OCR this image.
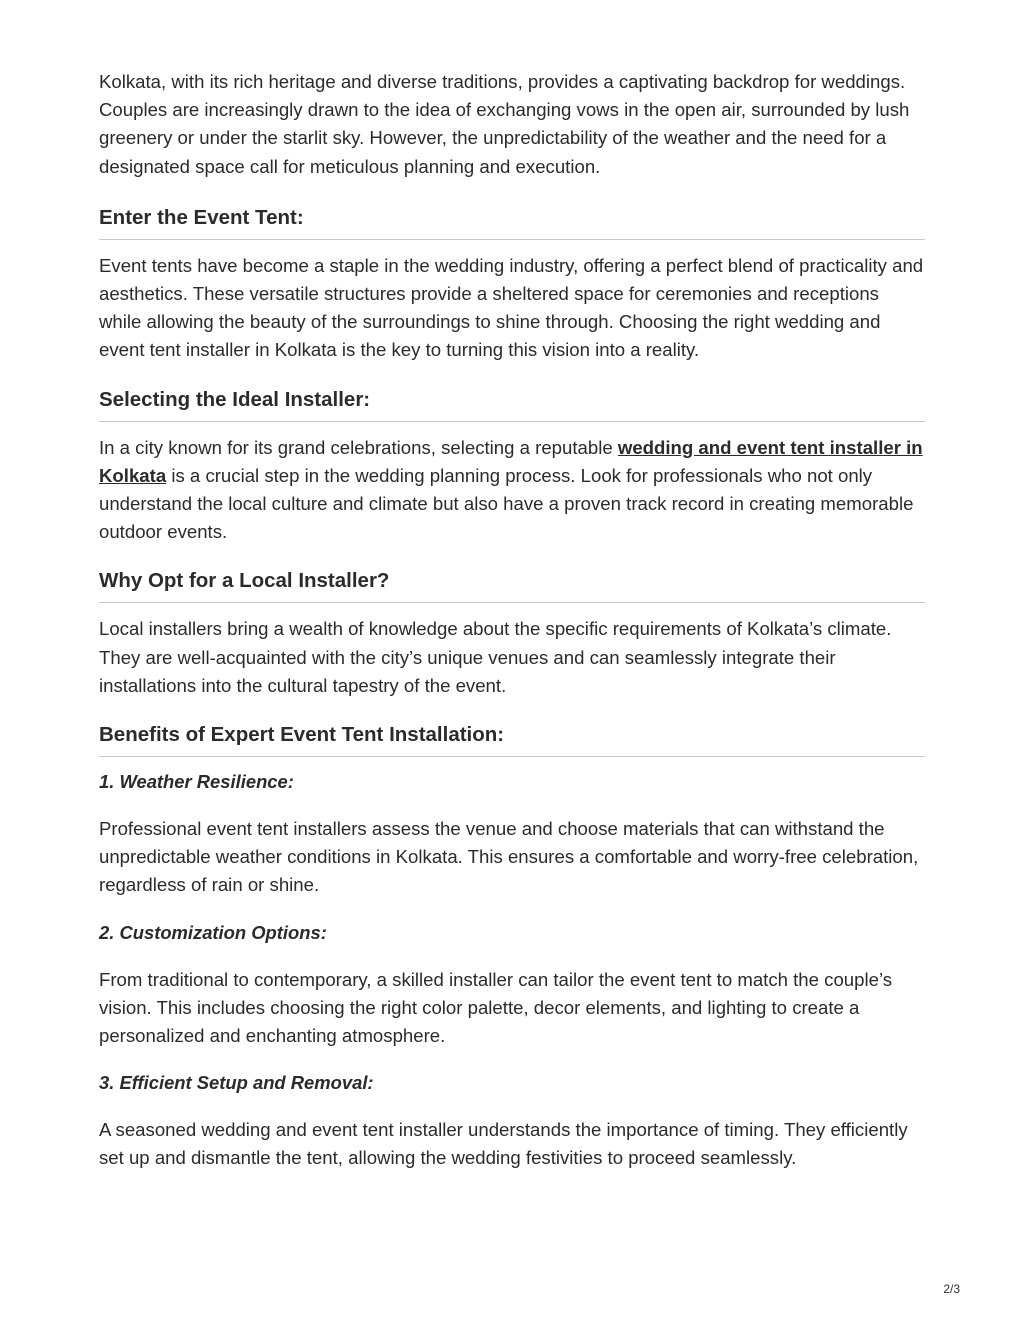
Kolkata, with its rich heritage and diverse traditions, provides a captivating backdrop for weddings. Couples are increasingly drawn to the idea of exchanging vows in the open air, surrounded by lush greenery or under the starlit sky. However, the unpredictability of the weather and the need for a designated space call for meticulous planning and execution.

Enter the Event Tent:

Event tents have become a staple in the wedding industry, offering a perfect blend of practicality and aesthetics. These versatile structures provide a sheltered space for ceremonies and receptions while allowing the beauty of the surroundings to shine through. Choosing the right wedding and event tent installer in Kolkata is the key to turning this vision into a reality.

Selecting the Ideal Installer:

In a city known for its grand celebrations, selecting a reputable wedding and event tent installer in Kolkata is a crucial step in the wedding planning process. Look for professionals who not only understand the local culture and climate but also have a proven track record in creating memorable outdoor events.

Why Opt for a Local Installer?

Local installers bring a wealth of knowledge about the specific requirements of Kolkata’s climate. They are well-acquainted with the city’s unique venues and can seamlessly integrate their installations into the cultural tapestry of the event.

Benefits of Expert Event Tent Installation:

1. Weather Resilience:

Professional event tent installers assess the venue and choose materials that can withstand the unpredictable weather conditions in Kolkata. This ensures a comfortable and worry-free celebration, regardless of rain or shine.

2. Customization Options:

From traditional to contemporary, a skilled installer can tailor the event tent to match the couple’s vision. This includes choosing the right color palette, decor elements, and lighting to create a personalized and enchanting atmosphere.

3. Efficient Setup and Removal:

A seasoned wedding and event tent installer understands the importance of timing. They efficiently set up and dismantle the tent, allowing the wedding festivities to proceed seamlessly.

2/3
